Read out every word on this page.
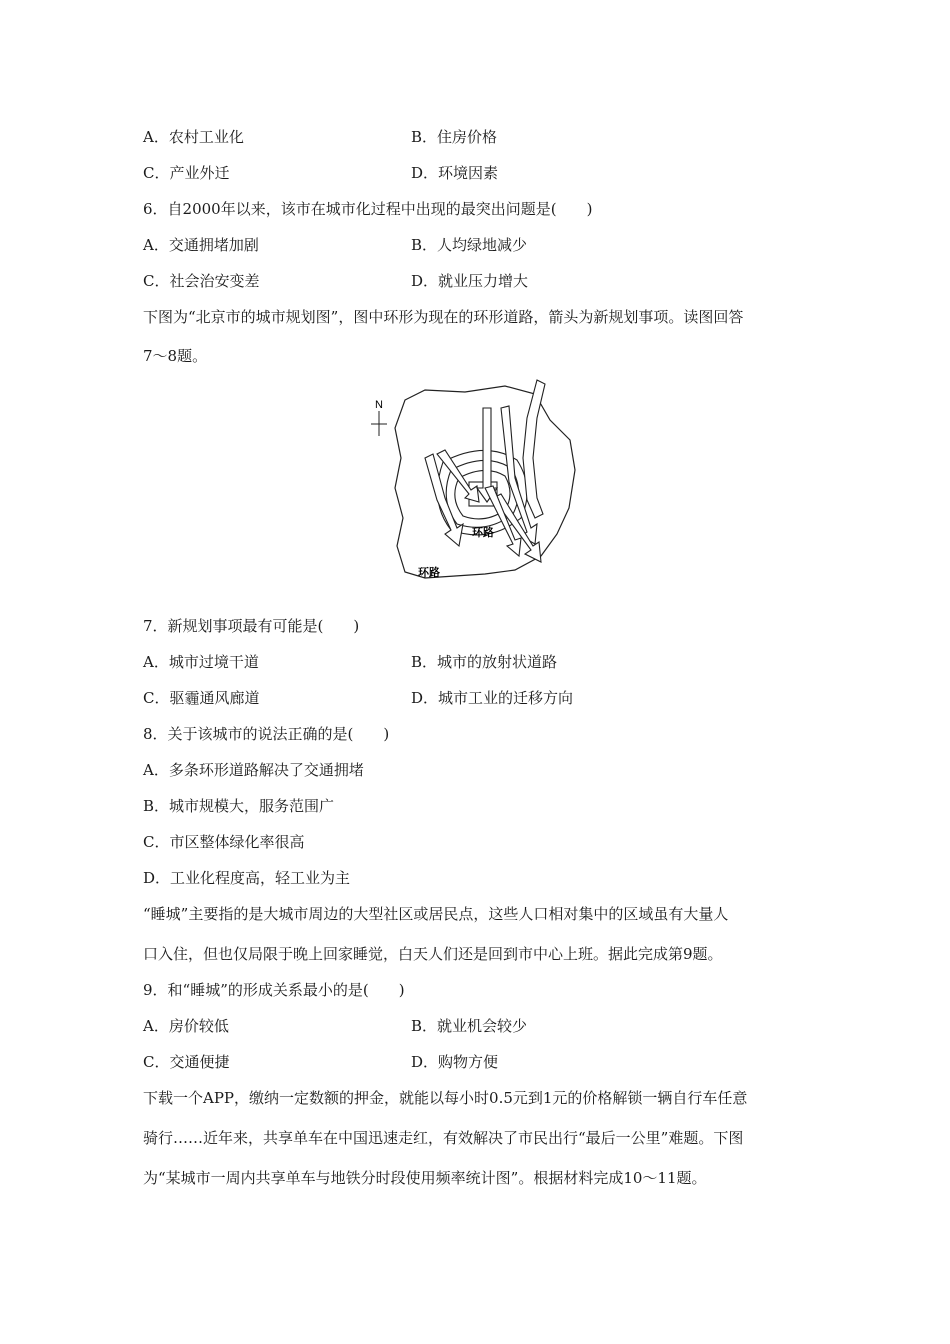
A．农村工业化	B．住房价格
C．产业外迁	D．环境因素
6．自2000年以来，该市在城市化过程中出现的最突出问题是(　　)
A．交通拥堵加剧	B．人均绿地减少
C．社会治安变差	D．就业压力增大
下图为“北京市的城市规划图”，图中环形为现在的环形道路，箭头为新规划事项。读图回答
7～8题。
N
环路
环路
7．新规划事项最有可能是(　　)
A．城市过境干道	B．城市的放射状道路
C．驱霾通风廊道	D．城市工业的迁移方向
8．关于该城市的说法正确的是(　　)
A．多条环形道路解决了交通拥堵
B．城市规模大，服务范围广
C．市区整体绿化率很高
D．工业化程度高，轻工业为主
“睡城”主要指的是大城市周边的大型社区或居民点，这些人口相对集中的区域虽有大量人
口入住，但也仅局限于晚上回家睡觉，白天人们还是回到市中心上班。据此完成第9题。
9．和“睡城”的形成关系最小的是(　　)
A．房价较低	B．就业机会较少
C．交通便捷	D．购物方便
下载一个APP，缴纳一定数额的押金，就能以每小时0.5元到1元的价格解锁一辆自行车任意
骑行……近年来，共享单车在中国迅速走红，有效解决了市民出行“最后一公里”难题。下图
为“某城市一周内共享单车与地铁分时段使用频率统计图”。根据材料完成10～11题。
